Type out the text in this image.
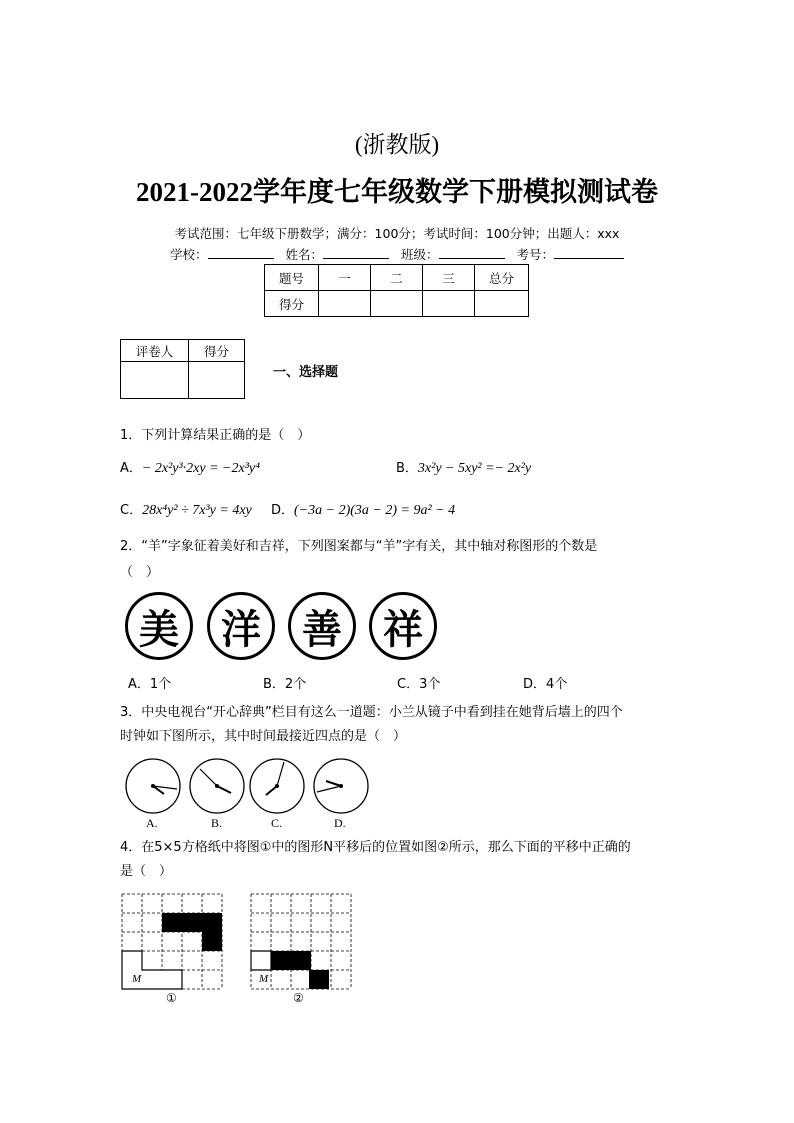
(浙教版)
2021-2022学年度七年级数学下册模拟测试卷
考试范围：七年级下册数学；满分：100分；考试时间：100分钟；出题人：xxx
学校：	姓名：	班级：	考号：
题号	一	二	三	总分
得分				
评卷人	得分

一、选择题
1．下列计算结果正确的是（　）
A．− 2x²y³·2xy = −2x³y⁴	B．3x²y − 5xy² =− 2x²y
C．28x⁴y² ÷ 7x³y = 4xy D．(−3a − 2)(3a − 2) = 9a² − 4
2．“羊”字象征着美好和吉祥，下列图案都与“羊”字有关，其中轴对称图形的个数是
（　）
美	洋	善	祥
A．1个	B．2个	C．3个	D．4个
3．中央电视台“开心辞典”栏目有这么一道题：小兰从镜子中看到挂在她背后墙上的四个
时钟如下图所示，其中时间最接近四点的是（　）
A.	B.	C.	D.
4．在5×5方格纸中将图①中的图形N平移后的位置如图②所示，那么下面的平移中正确的
是（　）
M
①
M
②
